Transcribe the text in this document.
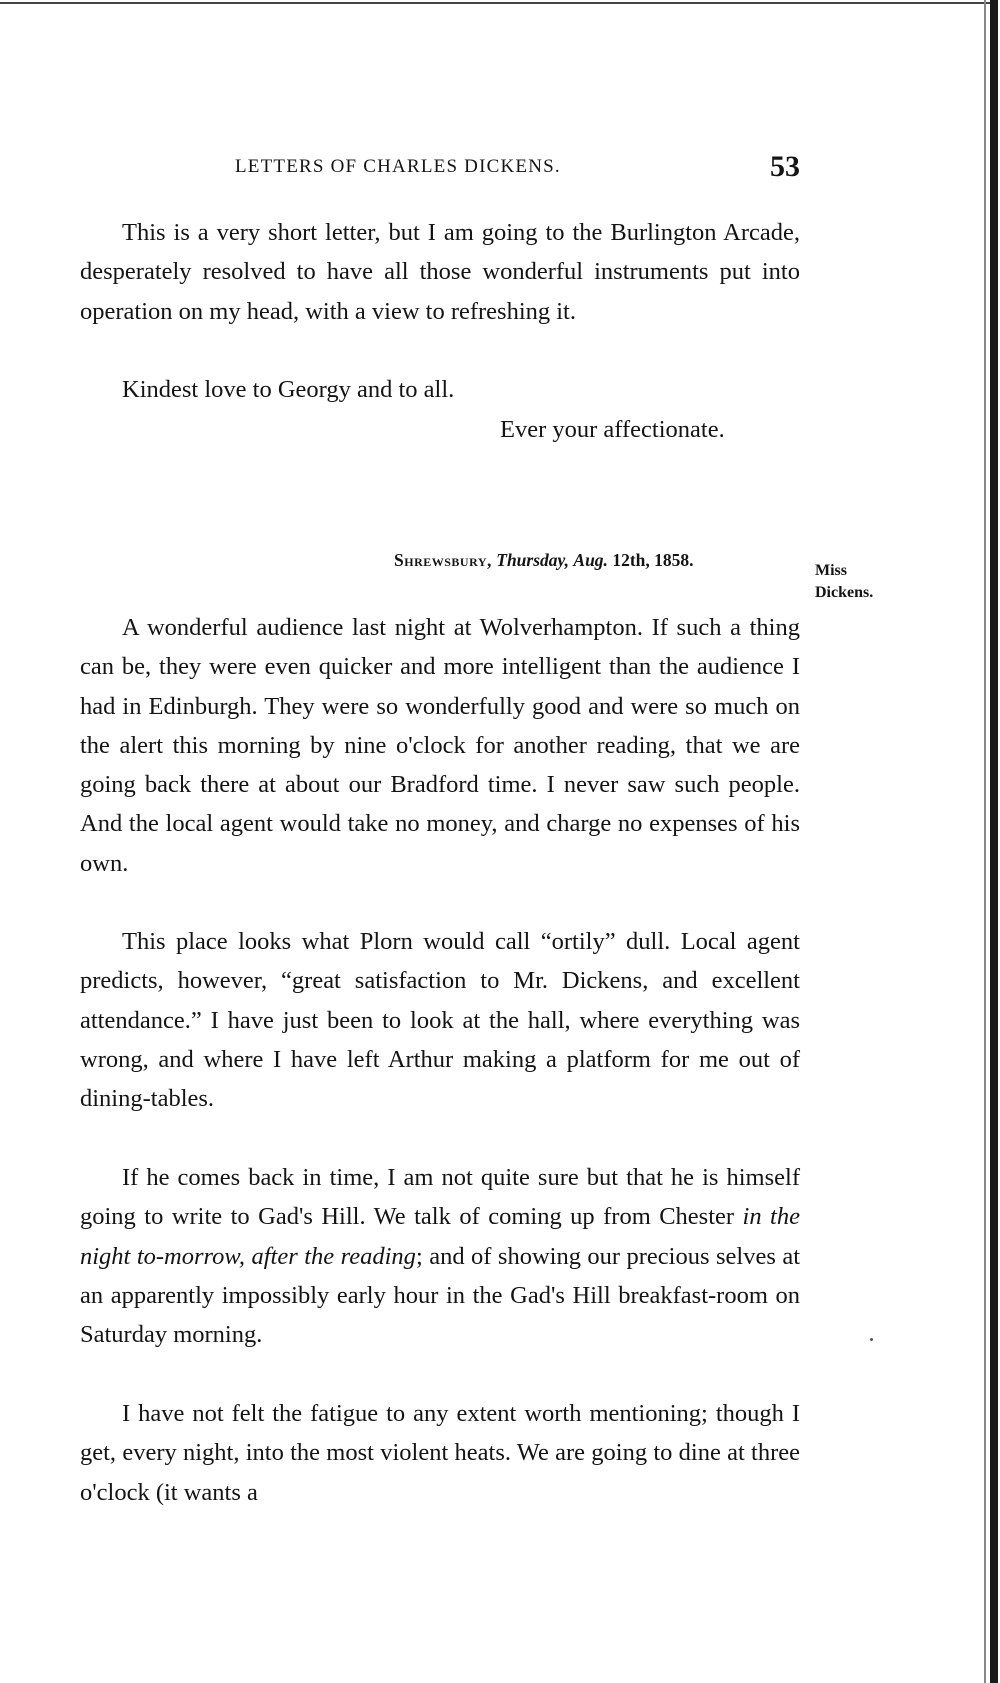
LETTERS OF CHARLES DICKENS.	53

This is a very short letter, but I am going to the Burlington Arcade, desperately resolved to have all those wonderful instruments put into operation on my head, with a view to refreshing it.

Kindest love to Georgy and to all.

Ever your affectionate.

Shrewsbury, Thursday, Aug. 12th, 1858.
Miss
Dickens.

A wonderful audience last night at Wolverhampton. If such a thing can be, they were even quicker and more intelligent than the audience I had in Edinburgh. They were so wonderfully good and were so much on the alert this morning by nine o'clock for another reading, that we are going back there at about our Bradford time. I never saw such people. And the local agent would take no money, and charge no expenses of his own.

This place looks what Plorn would call “ortily” dull. Local agent predicts, however, “great satisfaction to Mr. Dickens, and excellent attendance.” I have just been to look at the hall, where everything was wrong, and where I have left Arthur making a platform for me out of dining-tables.

If he comes back in time, I am not quite sure but that he is himself going to write to Gad's Hill. We talk of coming up from Chester in the night to-morrow, after the reading; and of showing our precious selves at an apparently impossibly early hour in the Gad's Hill breakfast-room on Saturday morning.

I have not felt the fatigue to any extent worth mentioning; though I get, every night, into the most violent heats. We are going to dine at three o'clock (it wants a
